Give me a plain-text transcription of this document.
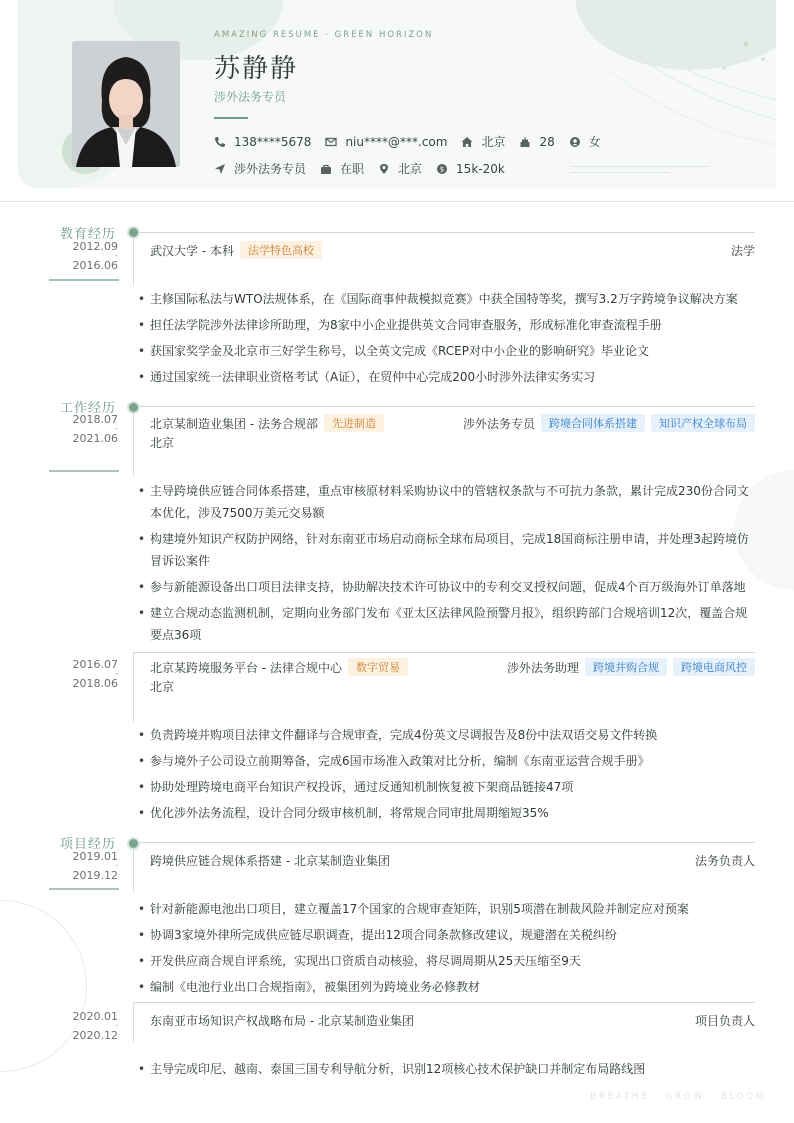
AMAZING RESUME · GREEN HORIZON
苏静静
涉外法务专员
138****5678	niu****@***.com	北京	28	女
涉外法务专员	在职	北京	$ 15k-20k
教育经历
2012.09
-
2016.06
武汉大学 - 本科	法学特色高校	法学
• 主修国际私法与WTO法规体系，在《国际商事仲裁模拟竞赛》中获全国特等奖，撰写3.2万字跨境争议解决方案
• 担任法学院涉外法律诊所助理，为8家中小企业提供英文合同审查服务，形成标准化审查流程手册
• 获国家奖学金及北京市三好学生称号，以全英文完成《RCEP对中小企业的影响研究》毕业论文
• 通过国家统一法律职业资格考试（A证），在贸仲中心完成200小时涉外法律实务实习
工作经历
2018.07
-
2021.06
北京某制造业集团 - 法务合规部	先进制造	涉外法务专员	跨境合同体系搭建	知识产权全球布局
北京
• 主导跨境供应链合同体系搭建，重点审核原材料采购协议中的管辖权条款与不可抗力条款，累计完成230份合同文本优化，涉及7500万美元交易额
• 构建境外知识产权防护网络，针对东南亚市场启动商标全球布局项目，完成18国商标注册申请，并处理3起跨境仿冒诉讼案件
• 参与新能源设备出口项目法律支持，协助解决技术许可协议中的专利交叉授权问题，促成4个百万级海外订单落地
• 建立合规动态监测机制，定期向业务部门发布《亚太区法律风险预警月报》，组织跨部门合规培训12次，覆盖合规要点36项
2016.07
-
2018.06
北京某跨境服务平台 - 法律合规中心	数字贸易	涉外法务助理	跨境并购合规	跨境电商风控
北京
• 负责跨境并购项目法律文件翻译与合规审查，完成4份英文尽调报告及8份中法双语交易文件转换
• 参与境外子公司设立前期筹备，完成6国市场准入政策对比分析，编制《东南亚运营合规手册》
• 协助处理跨境电商平台知识产权投诉，通过反通知机制恢复被下架商品链接47项
• 优化涉外法务流程，设计合同分级审核机制，将常规合同审批周期缩短35%
项目经历
2019.01
-
2019.12
跨境供应链合规体系搭建 - 北京某制造业集团	法务负责人
• 针对新能源电池出口项目，建立覆盖17个国家的合规审查矩阵，识别5项潜在制裁风险并制定应对预案
• 协调3家境外律所完成供应链尽职调查，提出12项合同条款修改建议，规避潜在关税纠纷
• 开发供应商合规自评系统，实现出口资质自动核验，将尽调周期从25天压缩至9天
• 编制《电池行业出口合规指南》，被集团列为跨境业务必修教材
2020.01
-
2020.12
东南亚市场知识产权战略布局 - 北京某制造业集团	项目负责人
• 主导完成印尼、越南、泰国三国专利导航分析，识别12项核心技术保护缺口并制定布局路线图
BREATHE · GROW · BLOOM
